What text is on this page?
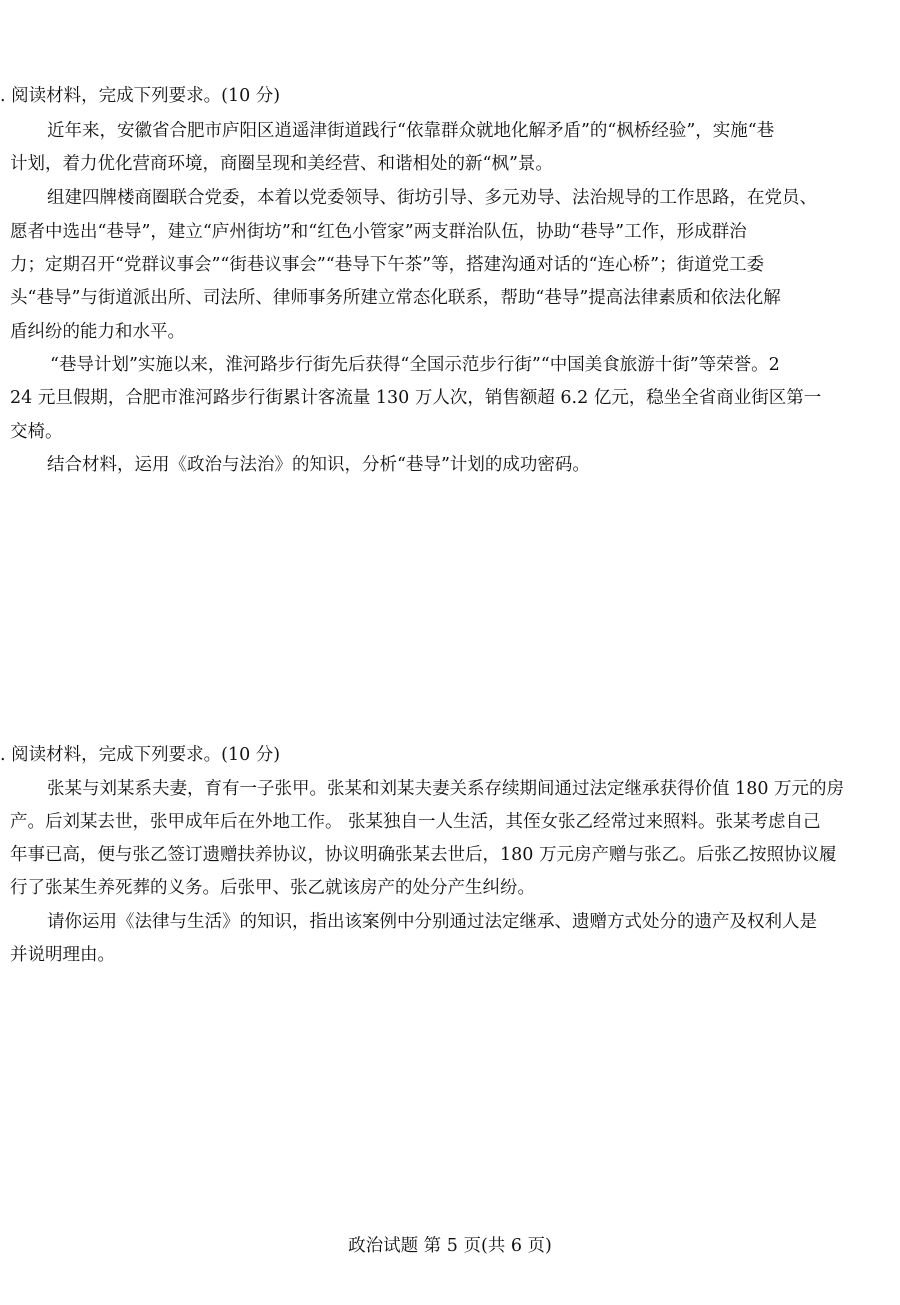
. 阅读材料，完成下列要求。(10 分)
近年来，安徽省合肥市庐阳区逍遥津街道践行“依靠群众就地化解矛盾”的“枫桥经验”，实施“巷
计划，着力优化营商环境，商圈呈现和美经营、和谐相处的新“枫”景。
组建四牌楼商圈联合党委，本着以党委领导、街坊引导、多元劝导、法治规导的工作思路，在党员、
愿者中选出“巷导”，建立“庐州街坊”和“红色小管家”两支群治队伍，协助“巷导”工作，形成群治
力；定期召开“党群议事会”“街巷议事会”“巷导下午茶”等，搭建沟通对话的“连心桥”；街道党工委
头“巷导”与街道派出所、司法所、律师事务所建立常态化联系，帮助“巷导”提高法律素质和依法化解
盾纠纷的能力和水平。
“巷导计划”实施以来，淮河路步行街先后获得“全国示范步行街”“中国美食旅游十街”等荣誉。2
24 元旦假期，合肥市淮河路步行街累计客流量 130 万人次，销售额超 6.2 亿元，稳坐全省商业街区第一
交椅。
结合材料，运用《政治与法治》的知识，分析“巷导”计划的成功密码。
. 阅读材料，完成下列要求。(10 分)
张某与刘某系夫妻，育有一子张甲。张某和刘某夫妻关系存续期间通过法定继承获得价值 180 万元的房
产。后刘某去世，张甲成年后在外地工作。 张某独自一人生活，其侄女张乙经常过来照料。张某考虑自己
年事已高，便与张乙签订遗赠扶养协议，协议明确张某去世后，180 万元房产赠与张乙。后张乙按照协议履
行了张某生养死葬的义务。后张甲、张乙就该房产的处分产生纠纷。
请你运用《法律与生活》的知识，指出该案例中分别通过法定继承、遗赠方式处分的遗产及权利人是
并说明理由。
政治试题 第 5 页(共 6 页)
